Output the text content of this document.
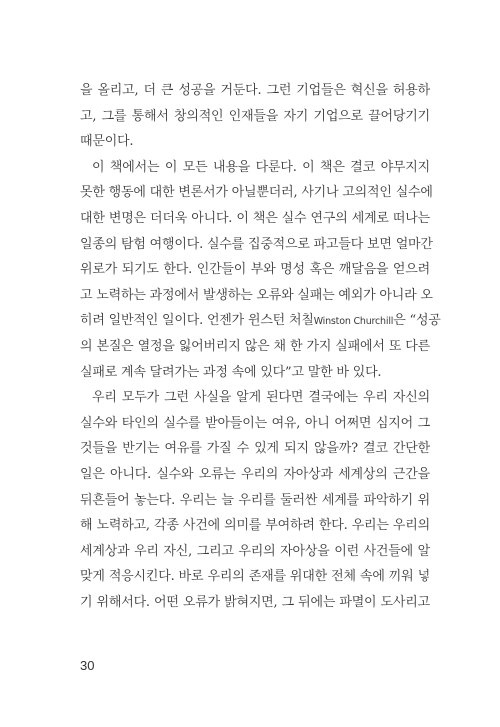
을 올리고, 더 큰 성공을 거둔다. 그런 기업들은 혁신을 허용하
고, 그를 통해서 창의적인 인재들을 자기 기업으로 끌어당기기
때문이다.
이 책에서는 이 모든 내용을 다룬다. 이 책은 결코 야무지지
못한 행동에 대한 변론서가 아닐뿐더러, 사기나 고의적인 실수에
대한 변명은 더더욱 아니다. 이 책은 실수 연구의 세계로 떠나는
일종의 탐험 여행이다. 실수를 집중적으로 파고들다 보면 얼마간
위로가 되기도 한다. 인간들이 부와 명성 혹은 깨달음을 얻으려
고 노력하는 과정에서 발생하는 오류와 실패는 예외가 아니라 오
히려 일반적인 일이다. 언젠가 윈스턴 처칠Winston Churchill은 “성공
의 본질은 열정을 잃어버리지 않은 채 한 가지 실패에서 또 다른
실패로 계속 달려가는 과정 속에 있다”고 말한 바 있다.
우리 모두가 그런 사실을 알게 된다면 결국에는 우리 자신의
실수와 타인의 실수를 받아들이는 여유, 아니 어쩌면 심지어 그
것들을 반기는 여유를 가질 수 있게 되지 않을까? 결코 간단한
일은 아니다. 실수와 오류는 우리의 자아상과 세계상의 근간을
뒤흔들어 놓는다. 우리는 늘 우리를 둘러싼 세계를 파악하기 위
해 노력하고, 각종 사건에 의미를 부여하려 한다. 우리는 우리의
세계상과 우리 자신, 그리고 우리의 자아상을 이런 사건들에 알
맞게 적응시킨다. 바로 우리의 존재를 위대한 전체 속에 끼워 넣
기 위해서다. 어떤 오류가 밝혀지면, 그 뒤에는 파멸이 도사리고
30
